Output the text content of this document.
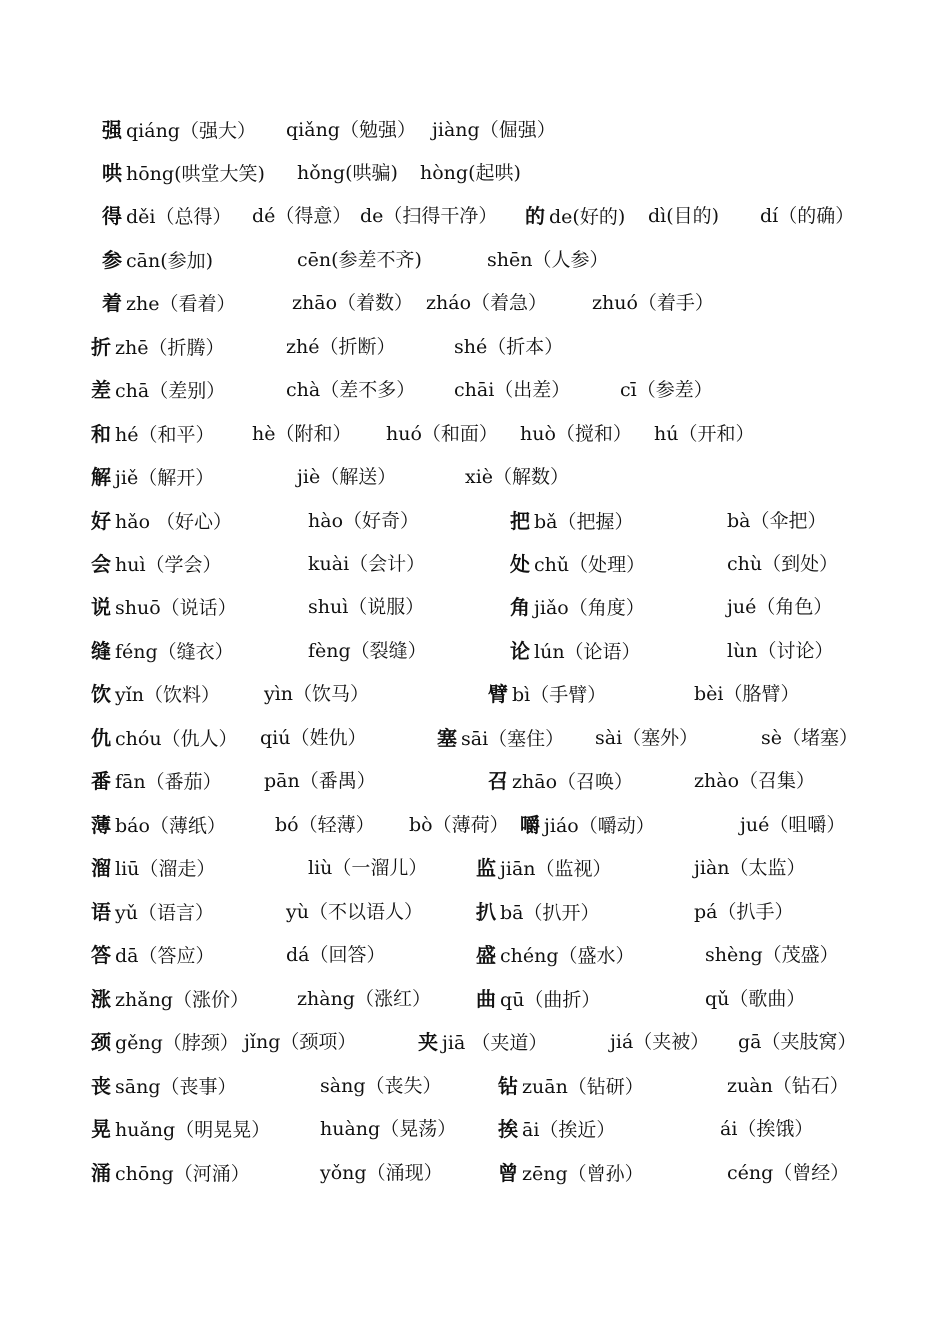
强 qiáng（强大） qiǎng（勉强） jiàng（倔强）
哄 hōng(哄堂大笑) hǒng(哄骗) hòng(起哄)
得 děi（总得） dé（得意） de（扫得干净） 的 de(好的) dì(目的) dí（的确）
参 cān(参加)	cēn(参差不齐)	shēn（人参）
着 zhe（看着）	zhāo（着数） zháo（着急） zhuó（着手）
折 zhē（折腾）	zhé（折断）	shé（折本）
差 chā（差别）	chà（差不多） chāi（出差）	cī（参差）
和 hé（和平） hè（附和） huó（和面） huò（搅和） hú（开和）
解 jiě（解开）	jiè（解送）	xiè（解数）
好 hǎo （好心）	hào（好奇）	把 bǎ（把握）	bà（伞把）
会 huì（学会）	kuài（会计）	处 chǔ（处理）	chù（到处）
说 shuō（说话）	shuì（说服）	角 jiǎo（角度）	jué（角色）
缝 féng（缝衣）	fèng（裂缝）	论 lún（论语）	lùn（讨论）
饮 yǐn（饮料） yìn（饮马）	臂 bì（手臂）	bèi（胳臂）
仇 chóu（仇人） qiú（姓仇）	塞 sāi（塞住） sài（塞外）	sè（堵塞）
番 fān（番茄） pān（番禺）	召 zhāo（召唤）	zhào（召集）
薄 báo（薄纸）	bó（轻薄） bò（薄荷） 嚼 jiáo（嚼动）	jué（咀嚼）
溜 liū（溜走）	liù（一溜儿） 监 jiān（监视）	jiàn（太监）
语 yǔ（语言）	yù（不以语人）	扒 bā（扒开）	pá（扒手）
答 dā（答应）	dá（回答）	盛 chéng（盛水）	shèng（茂盛）
涨 zhǎng（涨价）	zhàng（涨红） 曲 qū（曲折）	qǔ（歌曲）
颈 gěng（脖颈） jǐng（颈项）	夹 jiā （夹道）	jiá（夹被） gā（夹肢窝）
丧 sāng（丧事）	sàng（丧失）	钻 zuān（钻研）	zuàn（钻石）
晃 huǎng（明晃晃）	huàng（晃荡） 挨 āi（挨近）	ái（挨饿）
涌 chōng（河涌）	yǒng（涌现）	曾 zēng（曾孙）	céng（曾经）
